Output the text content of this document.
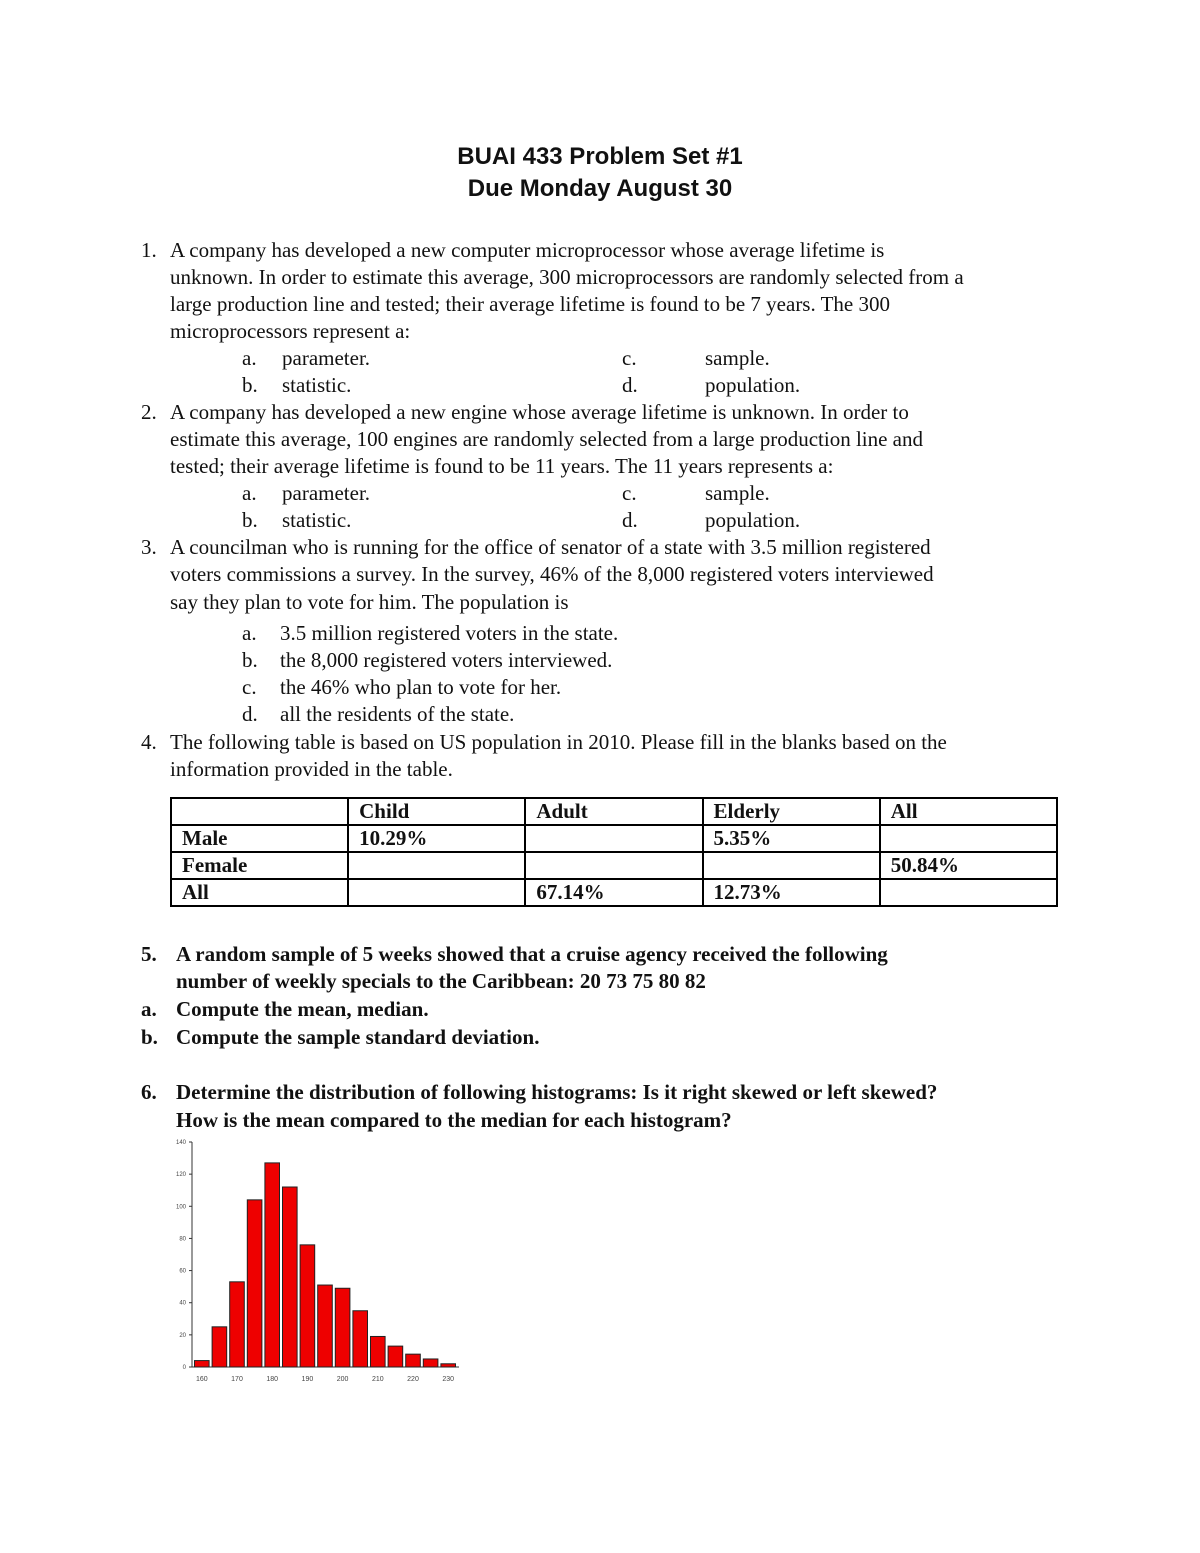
BUAI 433 Problem Set #1
Due Monday August 30
1. A company has developed a new computer microprocessor whose average lifetime is
unknown. In order to estimate this average, 300 microprocessors are randomly selected from a
large production line and tested; their average lifetime is found to be 7 years. The 300
microprocessors represent a:
a. parameter.
b. statistic.
c.	sample.
d.	population.
2. A company has developed a new engine whose average lifetime is unknown. In order to
estimate this average, 100 engines are randomly selected from a large production line and
tested; their average lifetime is found to be 11 years. The 11 years represents a:
a. parameter.
b. statistic.
c.	sample.
d.	population.
3. A councilman who is running for the office of senator of a state with 3.5 million registered
voters commissions a survey. In the survey, 46% of the 8,000 registered voters interviewed
say they plan to vote for him. The population is
a. 3.5 million registered voters in the state.
b. the 8,000 registered voters interviewed.
c. the 46% who plan to vote for her.
d. all the residents of the state.
4. The following table is based on US population in 2010. Please fill in the blanks based on the
information provided in the table.
	Child	Adult	Elderly	All
Male	10.29%		5.35%	
Female				50.84%
All		67.14%	12.73%	
5. A random sample of 5 weeks showed that a cruise agency received the following
number of weekly specials to the Caribbean: 20 73 75 80 82
a. Compute the mean, median.
b. Compute the sample standard deviation.
6. Determine the distribution of following histograms: Is it right skewed or left skewed?
How is the mean compared to the median for each histogram?
0
20
40
60
80
100
120
140
160	170	180	190	200	210	220	230
